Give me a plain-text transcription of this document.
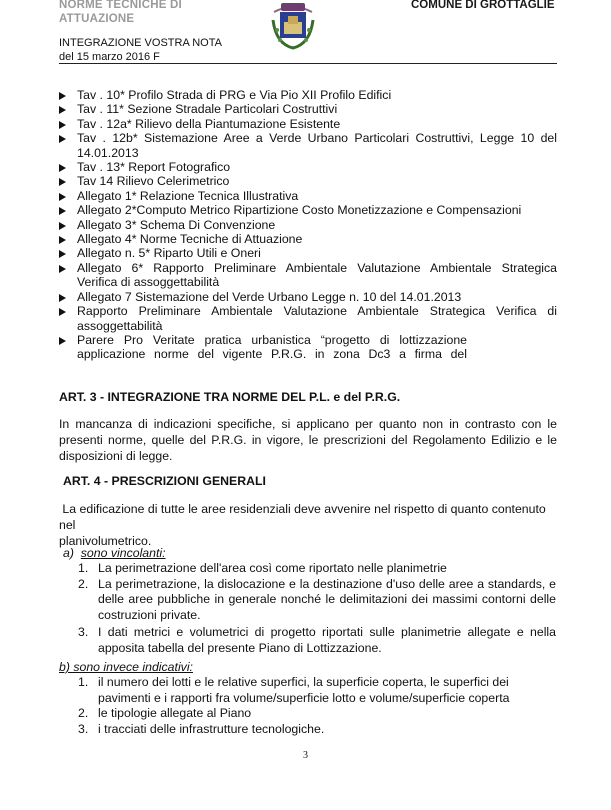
NORME TECNICHE DI
ATTUAZIONE
COMUNE DI GROTTAGLIE
INTEGRAZIONE VOSTRA NOTA
del 15 marzo 2016 F
Tav . 10* Profilo Strada di PRG e Via Pio XII Profilo Edifici
Tav . 11* Sezione Stradale Particolari Costruttivi
Tav . 12a* Rilievo della Piantumazione Esistente
Tav . 12b* Sistemazione Aree a Verde Urbano Particolari Costruttivi, Legge 10 del
14.01.2013
Tav . 13* Report Fotografico
Tav 14 Rilievo Celerimetrico
Allegato 1* Relazione Tecnica Illustrativa
Allegato 2*Computo Metrico Ripartizione Costo Monetizzazione e Compensazioni
Allegato 3* Schema Di Convenzione
Allegato 4* Norme Tecniche di Attuazione
Allegato n. 5* Riparto Utili e Oneri
Allegato 6* Rapporto Preliminare Ambientale Valutazione Ambientale Strategica
Verifica di assoggettabilità
Allegato 7 Sistemazione del Verde Urbano Legge n. 10 del 14.01.2013
Rapporto Preliminare Ambientale Valutazione Ambientale Strategica Verifica di
assoggettabilità
Parere Pro Veritate pratica urbanistica “progetto di lottizzazione
applicazione norme del vigente P.R.G. in zona Dc3 a firma del
ART. 3 - INTEGRAZIONE TRA NORME DEL P.L. e del P.R.G.
In mancanza di indicazioni specifiche, si applicano per quanto non in contrasto con le
presenti norme, quelle del P.R.G. in vigore, le prescrizioni del Regolamento Edilizio e le
disposizioni di legge.
ART. 4 - PRESCRIZIONI GENERALI
La edificazione di tutte le aree residenziali deve avvenire nel rispetto di quanto contenuto
nel
planivolumetrico.
a)  sono vincolanti:
1. La perimetrazione dell'area così come riportato nelle planimetrie
2. La perimetrazione, la dislocazione e la destinazione d'uso delle aree a standards, e
delle aree pubbliche in generale nonché le delimitazioni dei massimi contorni delle
costruzioni private.
3. I dati metrici e volumetrici di progetto riportati sulle planimetrie allegate e nella
apposita tabella del presente Piano di Lottizzazione.
b) sono invece indicativi:
1. il numero dei lotti e le relative superfici, la superficie coperta, le superfici dei
pavimenti e i rapporti fra volume/superficie lotto e volume/superficie coperta
2. le tipologie allegate al Piano
3. i tracciati delle infrastrutture tecnologiche.
3
